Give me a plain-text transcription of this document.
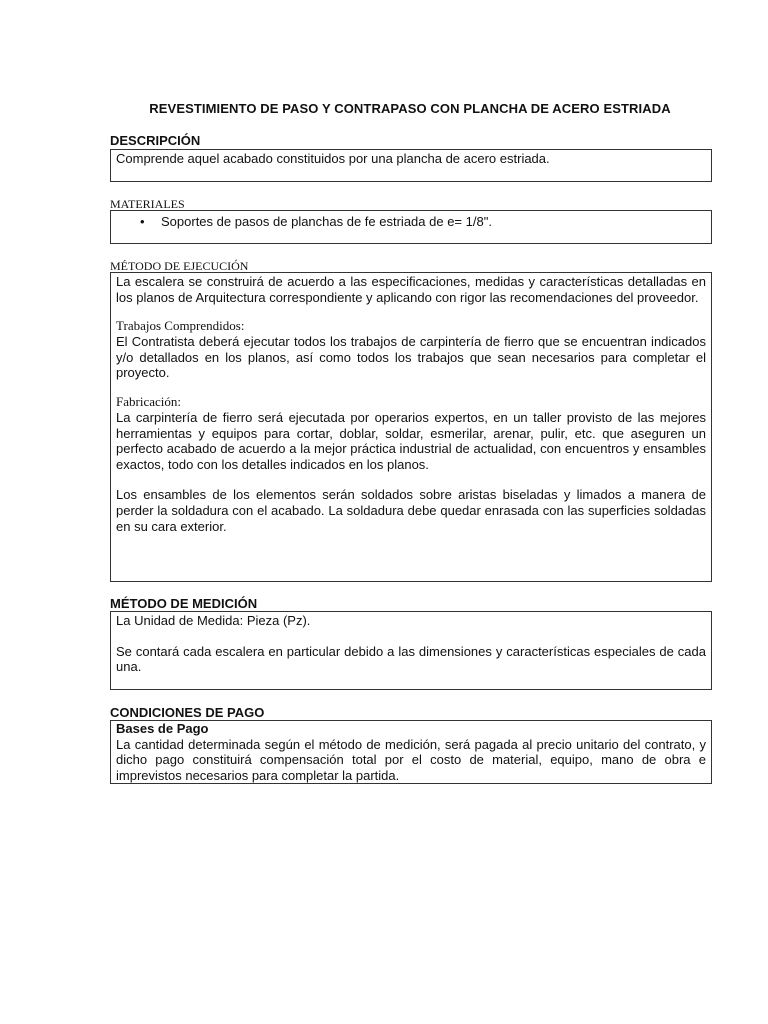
REVESTIMIENTO DE PASO Y CONTRAPASO CON PLANCHA DE ACERO ESTRIADA
DESCRIPCIÓN

Comprende aquel acabado constituidos por una plancha de acero estriada.

MATERIALES
• Soportes de pasos de planchas de fe estriada de e= 1/8".
MÉTODO DE EJECUCIÓN

La escalera se construirá de acuerdo a las especificaciones, medidas y características detalladas en los planos de Arquitectura correspondiente y aplicando con rigor las recomendaciones del proveedor.

Trabajos Comprendidos:

El Contratista deberá ejecutar todos los trabajos de carpintería de fierro que se encuentran indicados y/o detallados en los planos, así como todos los trabajos que sean necesarios para completar el proyecto.

Fabricación:

La carpintería de fierro será ejecutada por operarios expertos, en un taller provisto de las mejores herramientas y equipos para cortar, doblar, soldar, esmerilar, arenar, pulir, etc. que aseguren un perfecto acabado de acuerdo a la mejor práctica industrial de actualidad, con encuentros y ensambles exactos, todo con los detalles indicados en los planos.

Los ensambles de los elementos serán soldados sobre aristas biseladas y limados a manera de perder la soldadura con el acabado. La soldadura debe quedar enrasada con las superficies soldadas en su cara exterior.

MÉTODO DE MEDICIÓN

La Unidad de Medida: Pieza (Pz).

Se contará cada escalera en particular debido a las dimensiones y características especiales de cada una.

CONDICIONES DE PAGO
Bases de Pago

La cantidad determinada según el método de medición, será pagada al precio unitario del contrato, y dicho pago constituirá compensación total por el costo de material, equipo, mano de obra e imprevistos necesarios para completar la partida.
